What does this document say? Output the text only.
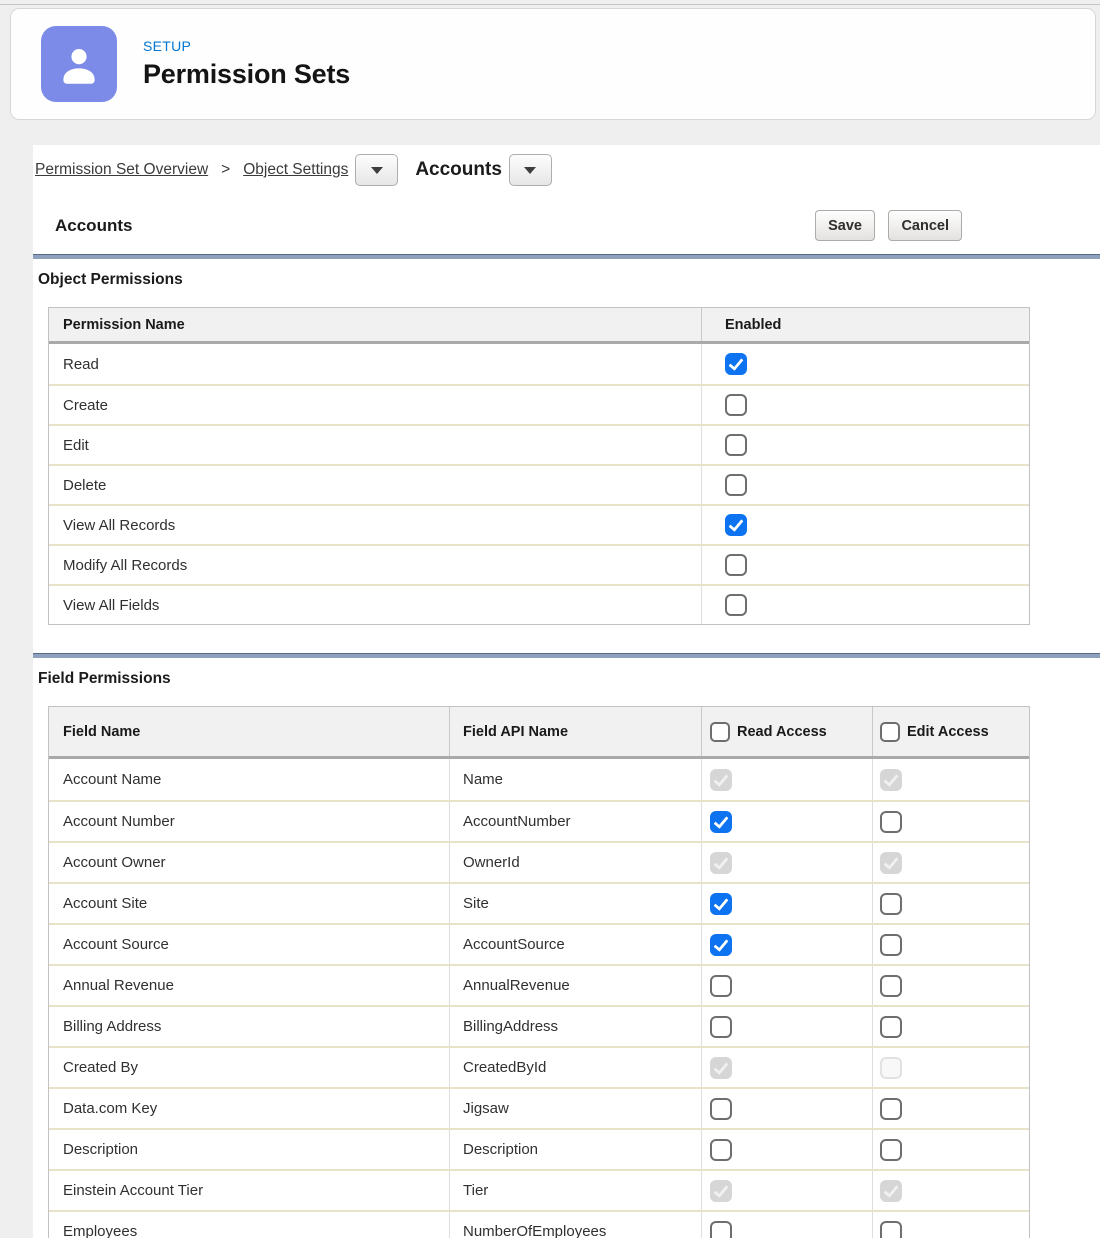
SETUP
Permission Sets
Permission Set Overview > Object Settings	Accounts
Accounts	Save	Cancel
Object Permissions
Permission Name	Enabled
Read
Create
Edit
Delete
View All Records
Modify All Records
View All Fields
Field Permissions
Field Name	Field API Name	Read Access	Edit Access
Account Name	Name
Account Number	AccountNumber
Account Owner	OwnerId
Account Site	Site
Account Source	AccountSource
Annual Revenue	AnnualRevenue
Billing Address	BillingAddress
Created By	CreatedById
Data.com Key	Jigsaw
Description	Description
Einstein Account Tier	Tier
Employees	NumberOfEmployees
